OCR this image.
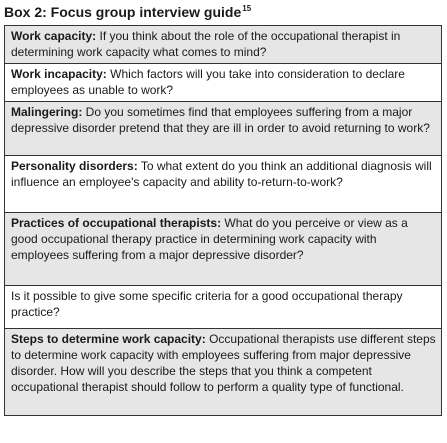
Box 2: Focus group interview guide$^{15}$
Work capacity: If you think about the role of the occupational therapist in determining work capacity what comes to mind?
Work incapacity: Which factors will you take into consideration to declare employees as unable to work?
Malingering: Do you sometimes find that employees suffering from a major depressive disorder pretend that they are ill in order to avoid returning to work?
Personality disorders: To what extent do you think an additional diagnosis will influence an employee's capacity and ability to-return-to-work?
Practices of occupational therapists: What do you perceive or view as a good occupational therapy practice in determining work capacity with employees suffering from a major depressive disorder?
Is it possible to give some specific criteria for a good occupational therapy practice?
Steps to determine work capacity: Occupational therapists use different steps to determine work capacity with employees suffering from major depressive disorder. How will you describe the steps that you think a competent occupational therapist should follow to perform a quality type of functional.
